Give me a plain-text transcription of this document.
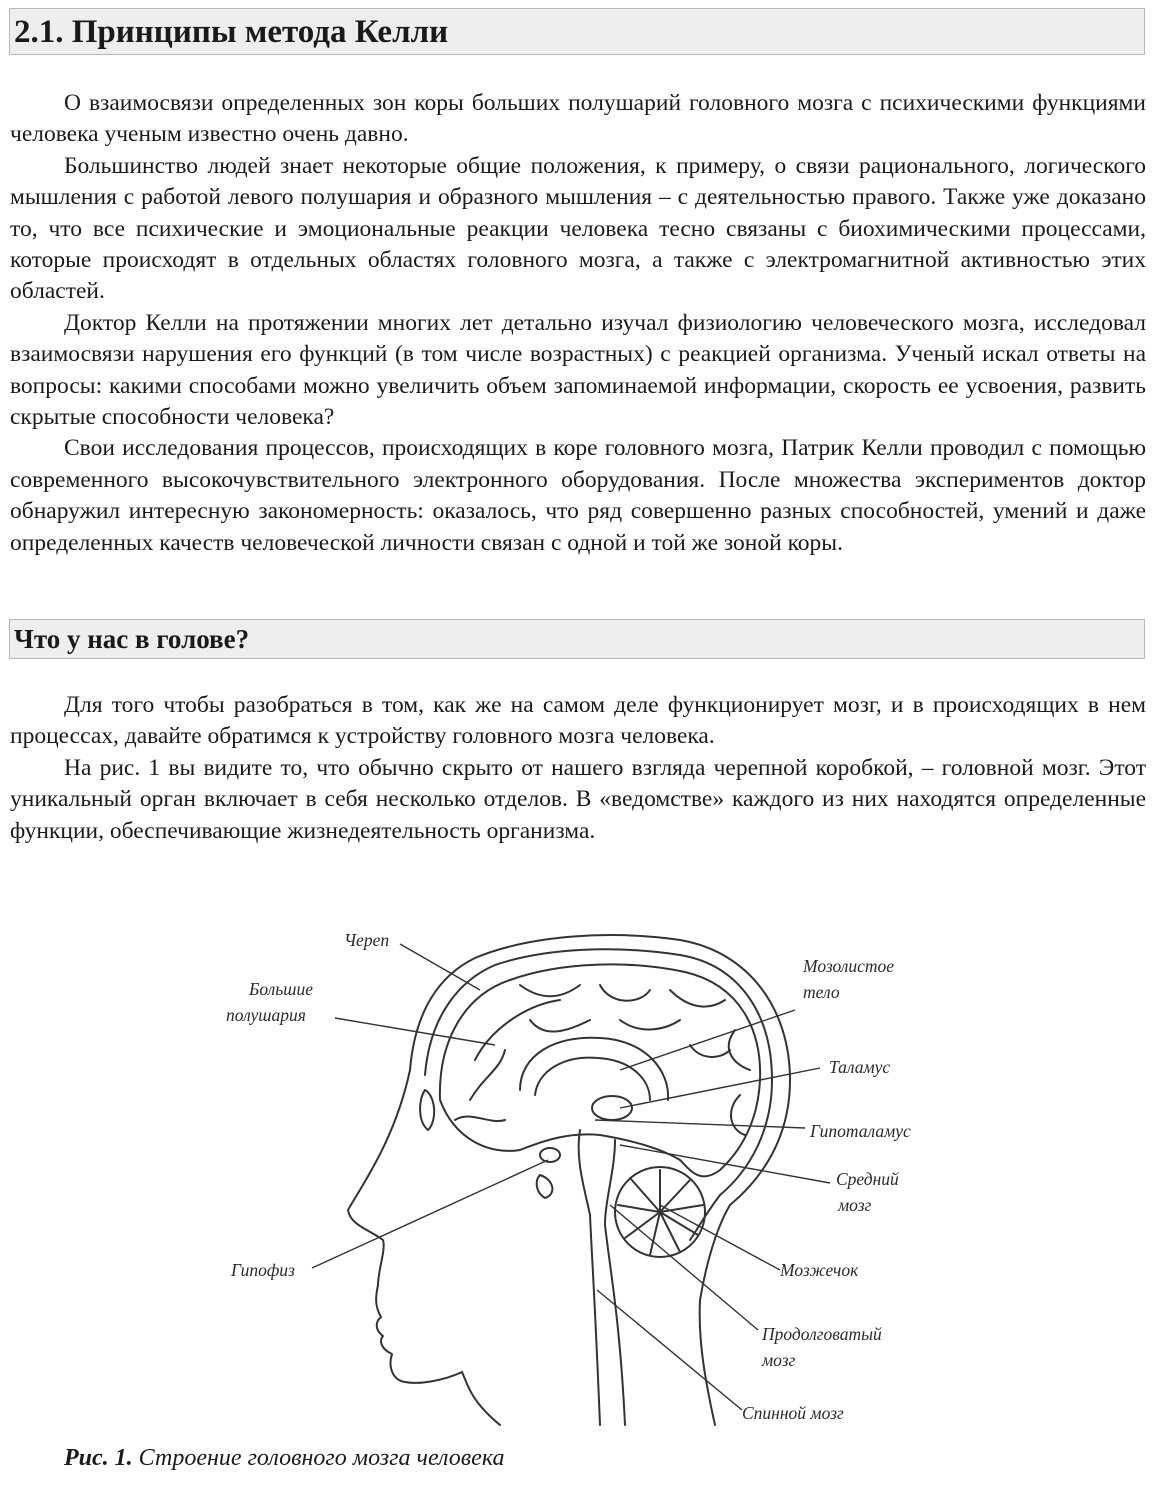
2.1. Принципы метода Келли

О взаимосвязи определенных зон коры больших полушарий головного мозга с психическими функциями человека ученым известно очень давно.

Большинство людей знает некоторые общие положения, к примеру, о связи рационального, логического мышления с работой левого полушария и образного мышления – с деятельностью правого. Также уже доказано то, что все психические и эмоциональные реакции человека тесно связаны с биохимическими процессами, которые происходят в отдельных областях головного мозга, а также с электромагнитной активностью этих областей.

Доктор Келли на протяжении многих лет детально изучал физиологию человеческого мозга, исследовал взаимосвязи нарушения его функций (в том числе возрастных) с реакцией организма. Ученый искал ответы на вопросы: какими способами можно увеличить объем запоминаемой информации, скорость ее усвоения, развить скрытые способности человека?

Свои исследования процессов, происходящих в коре головного мозга, Патрик Келли проводил с помощью современного высокочувствительного электронного оборудования. После множества экспериментов доктор обнаружил интересную закономерность: оказалось, что ряд совершенно разных способностей, умений и даже определенных качеств человеческой личности связан с одной и той же зоной коры.

Что у нас в голове?

Для того чтобы разобраться в том, как же на самом деле функционирует мозг, и в происходящих в нем процессах, давайте обратимся к устройству головного мозга человека.

На рис. 1 вы видите то, что обычно скрыто от нашего взгляда черепной коробкой, – головной мозг. Этот уникальный орган включает в себя несколько отделов. В «ведомстве» каждого из них находятся определенные функции, обеспечивающие жизнедеятельность организма.

Череп
Большие
полушария
Мозолистое
тело
Таламус
Гипоталамус
Средний
мозг
Гипофиз	Мозжечок
Продолговатый
мозг
Спинной мозг
Рис. 1. Строение головного мозга человека
